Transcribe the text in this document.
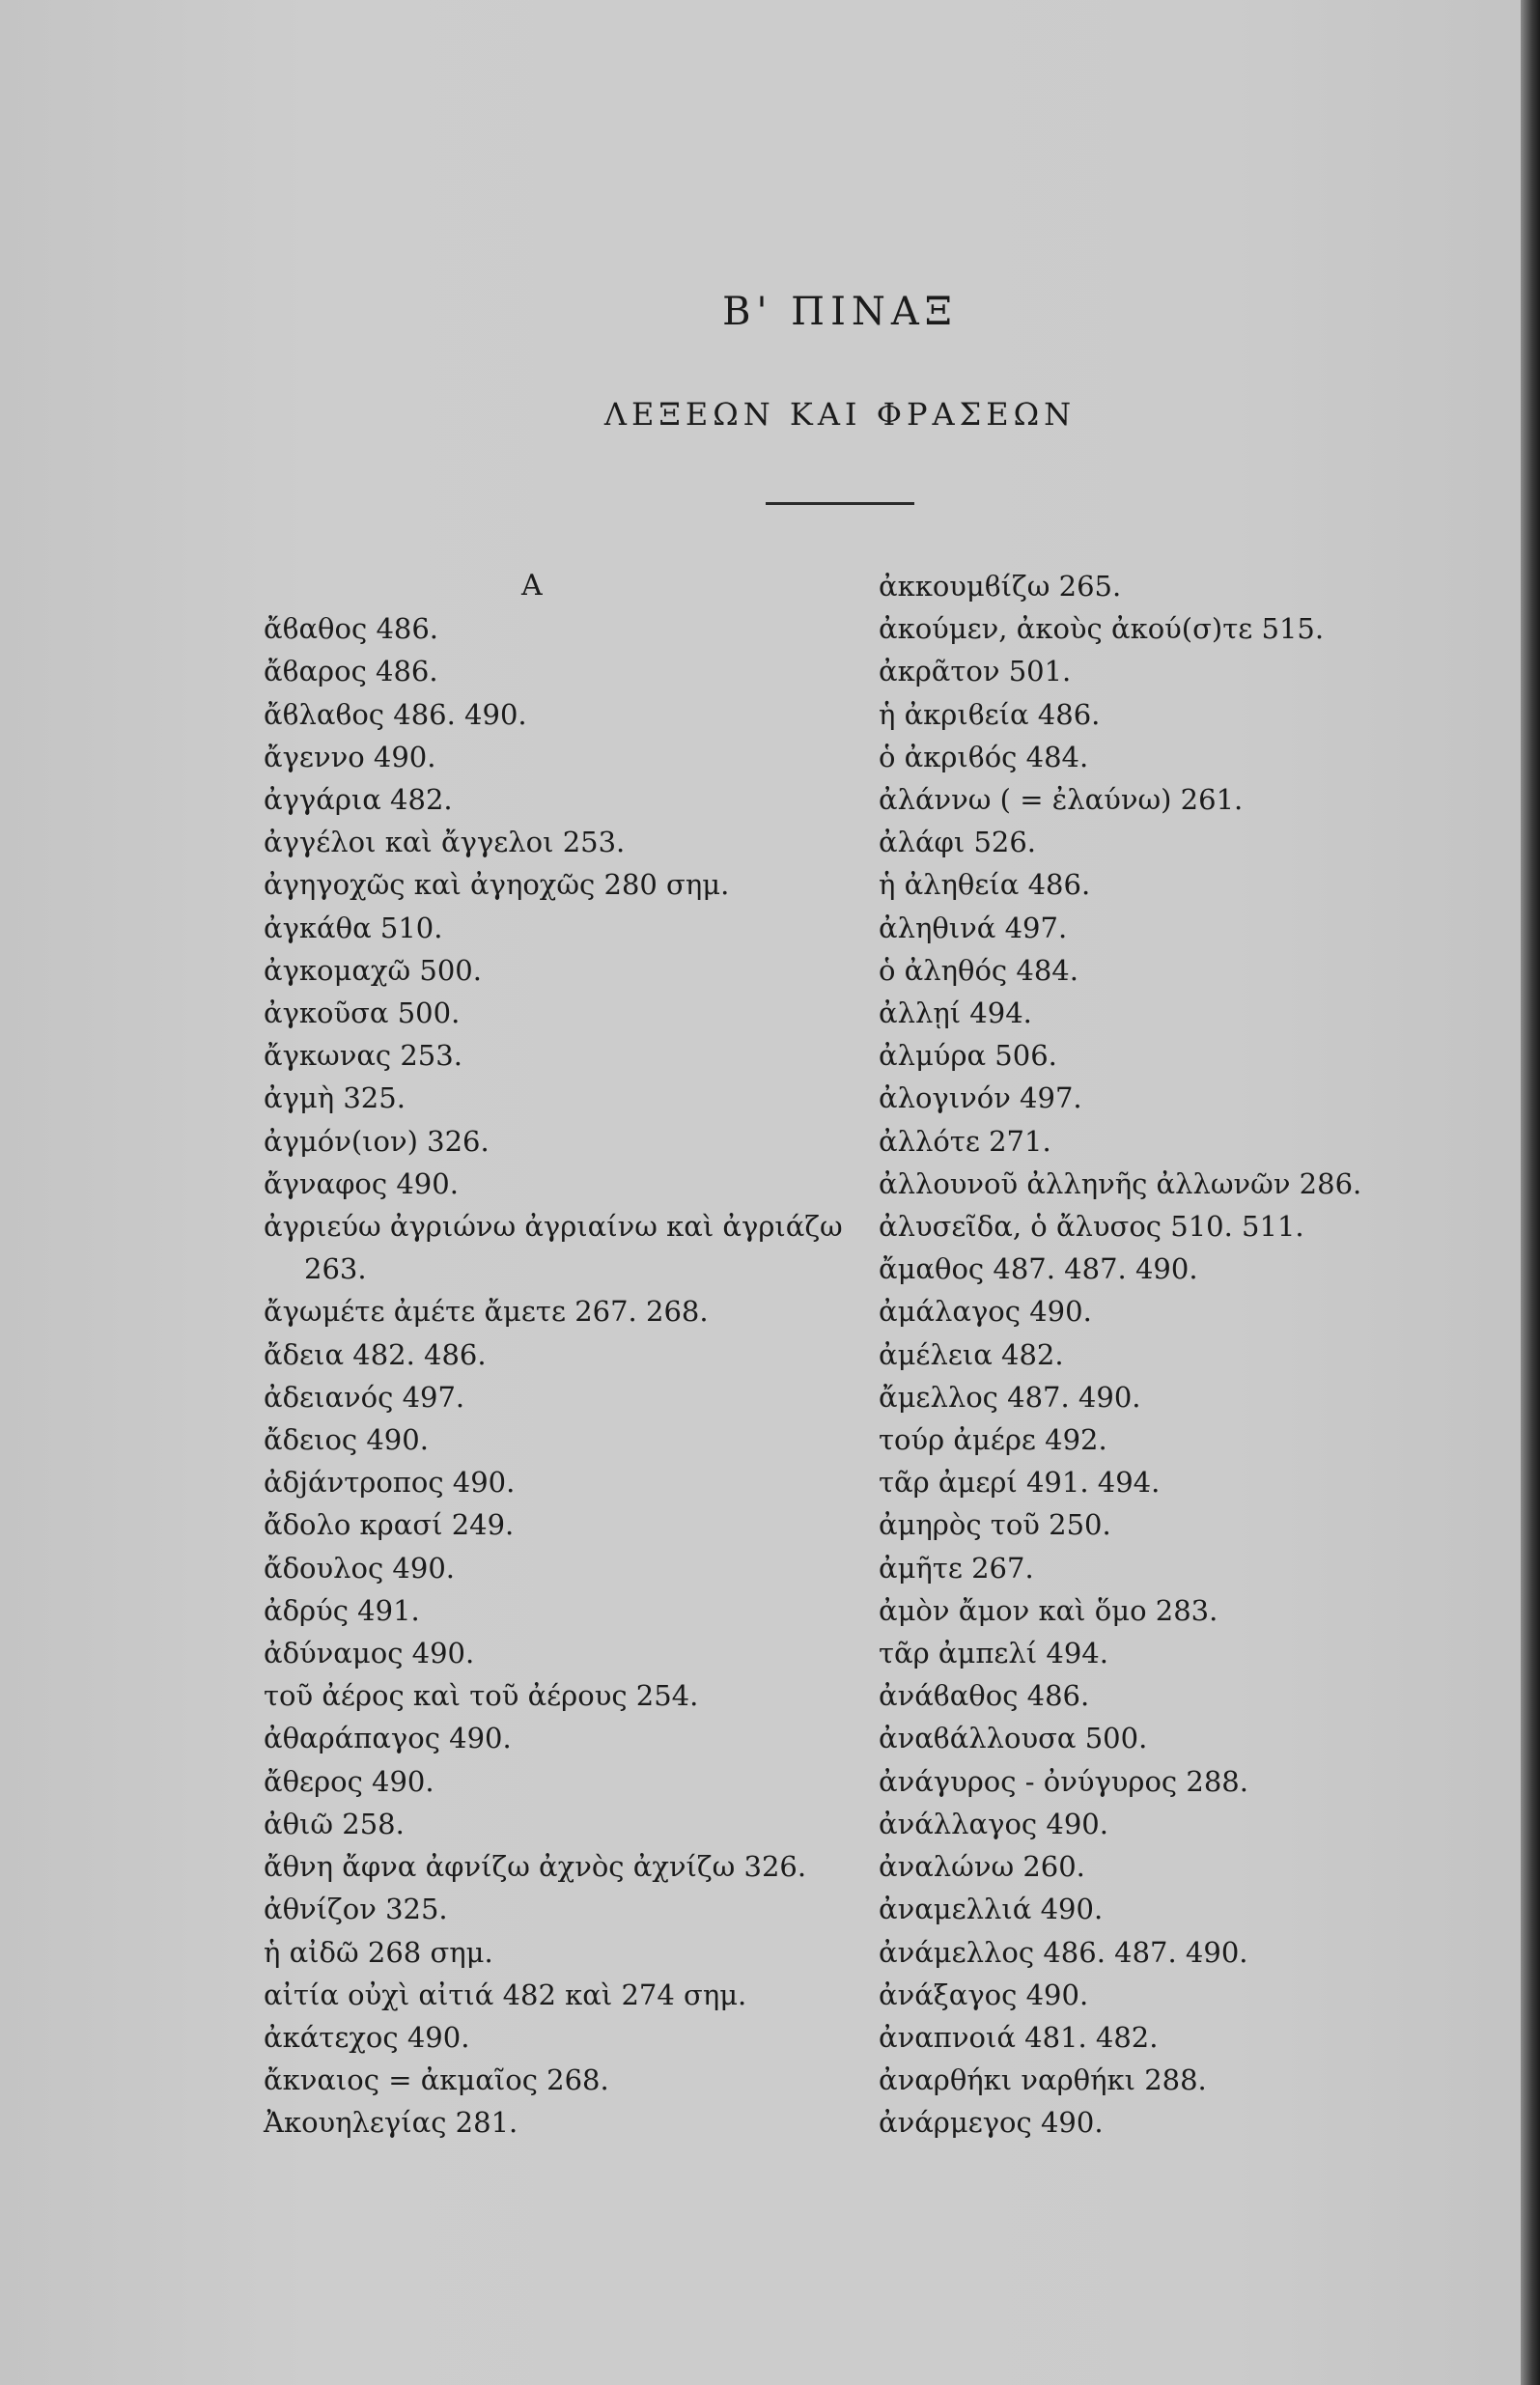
Β' ΠΙΝΑΞ
ΛΕΞΕΩΝ ΚΑΙ ΦΡΑΣΕΩΝ
Α
ἄϐαθος 486.
ἄϐαρος 486.
ἄϐλαϐος 486. 490.
ἄγεννο 490.
ἀγγάρια 482.
ἀγγέλοι καὶ ἄγγελοι 253.
ἀγηγοχῶς καὶ ἀγηοχῶς 280 σημ.
ἀγκάθα 510.
ἀγκομαχῶ 500.
ἀγκοῦσα 500.
ἄγκωνας 253.
ἀγμὴ 325.
ἀγμόν(ιον) 326.
ἄγναφος 490.
ἀγριεύω ἀγριώνω ἀγριαίνω καὶ ἀγριάζω
263.
ἄγωμέτε ἀμέτε ἄμετε 267. 268.
ἄδεια 482. 486.
ἀδειανός 497.
ἄδειος 490.
ἀδjάντροπος 490.
ἄδολο κρασί 249.
ἄδουλος 490.
ἀδρύς 491.
ἀδύναμος 490.
τοῦ ἀέρος καὶ τοῦ ἀέρους 254.
ἀθαράπαγος 490.
ἄθερος 490.
ἀθιῶ 258.
ἄθνη ἄφνα ἀφνίζω ἀχνὸς ἀχνίζω 326.
ἀθνίζον 325.
ἡ αἰδῶ 268 σημ.
αἰτία οὐχὶ αἰτιά 482 καὶ 274 σημ.
ἀκάτεχος 490.
ἄκναιος = ἀκμαῖος 268.
Ἀκουηλεγίας 281.
ἀκκουμϐίζω 265.
ἀκούμεν, ἀκοὺς ἀκού(σ)τε 515.
ἀκρᾶτον 501.
ἡ ἀκριϐεία 486.
ὁ ἀκριϐός 484.
ἀλάννω ( = ἐλαύνω) 261.
ἀλάφι 526.
ἡ ἀληθεία 486.
ἀληθινά 497.
ὁ ἀληθός 484.
ἀλλῃί 494.
ἀλμύρα 506.
ἀλογινόν 497.
ἀλλότε 271.
ἀλλουνοῦ ἀλληνῆς ἀλλωνῶν 286.
ἀλυσεῖδα, ὁ ἄλυσος 510. 511.
ἄμαθος 487. 487. 490.
ἀμάλαγος 490.
ἀμέλεια 482.
ἄμελλος 487. 490.
τούρ ἀμέρε 492.
τᾶρ ἀμερί 491. 494.
ἀμηρὸς τοῦ 250.
ἀμῆτε 267.
ἀμὸν ἄμον καὶ ὅμο 283.
τᾶρ ἀμπελί 494.
ἀνάϐαθος 486.
ἀναϐάλλουσα 500.
ἀνάγυρος - ὀνύγυρος 288.
ἀνάλλαγος 490.
ἀναλώνω 260.
ἀναμελλιά 490.
ἀνάμελλος 486. 487. 490.
ἀνάξαγος 490.
ἀναπνοιά 481. 482.
ἀναρθήκι ναρθήκι 288.
ἀνάρμεγος 490.
